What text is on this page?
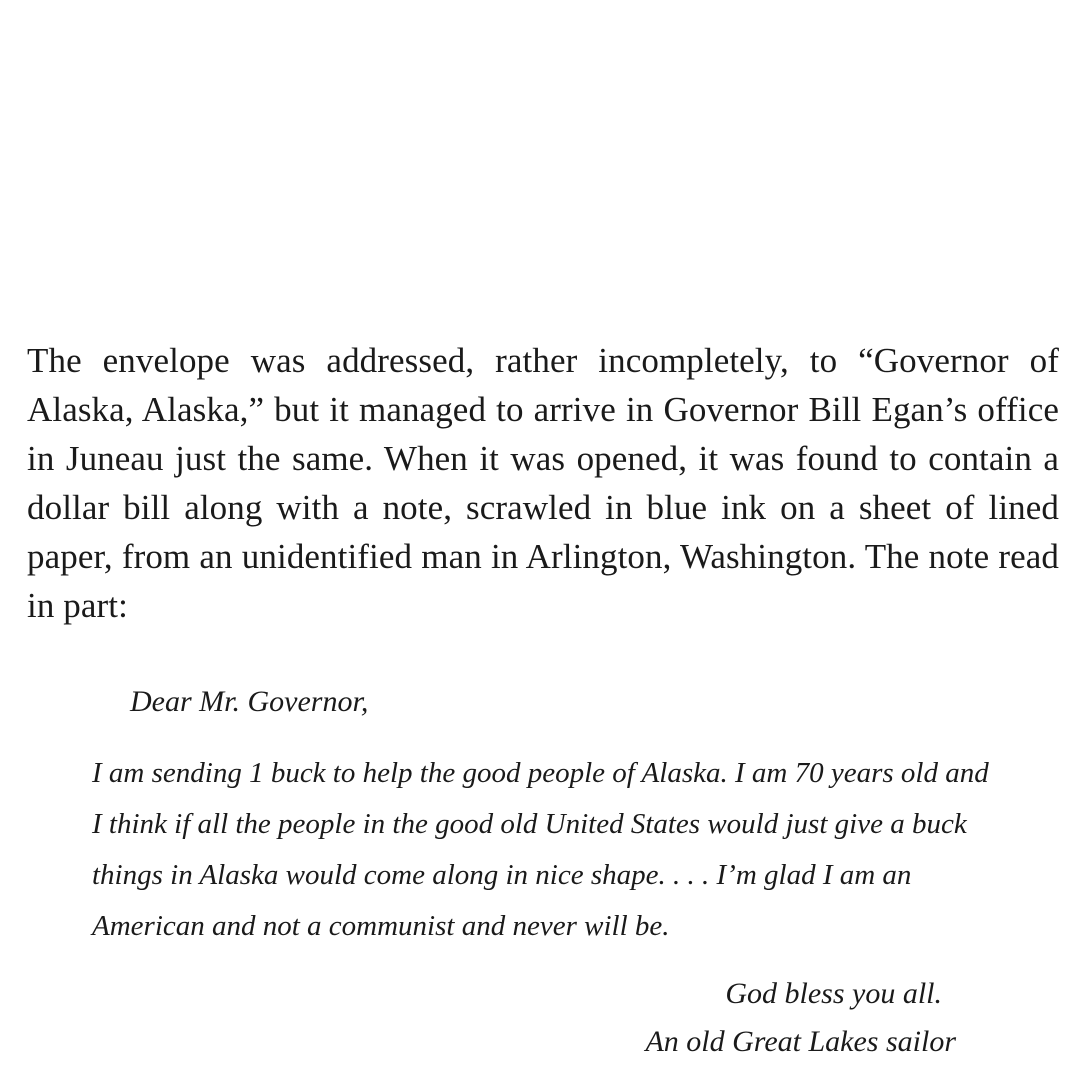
The envelope was addressed, rather incompletely, to “Governor of Alaska, Alaska,” but it managed to arrive in Governor Bill Egan’s office in Juneau just the same. When it was opened, it was found to contain a dollar bill along with a note, scrawled in blue ink on a sheet of lined paper, from an unidentified man in Arlington, Washington. The note read in part:

Dear Mr. Governor,

I am sending 1 buck to help the good people of Alaska. I am 70 years old and I think if all the people in the good old United States would just give a buck things in Alaska would come along in nice shape. . . . I’m glad I am an American and not a communist and never will be.

God bless you all.

An old Great Lakes sailor
